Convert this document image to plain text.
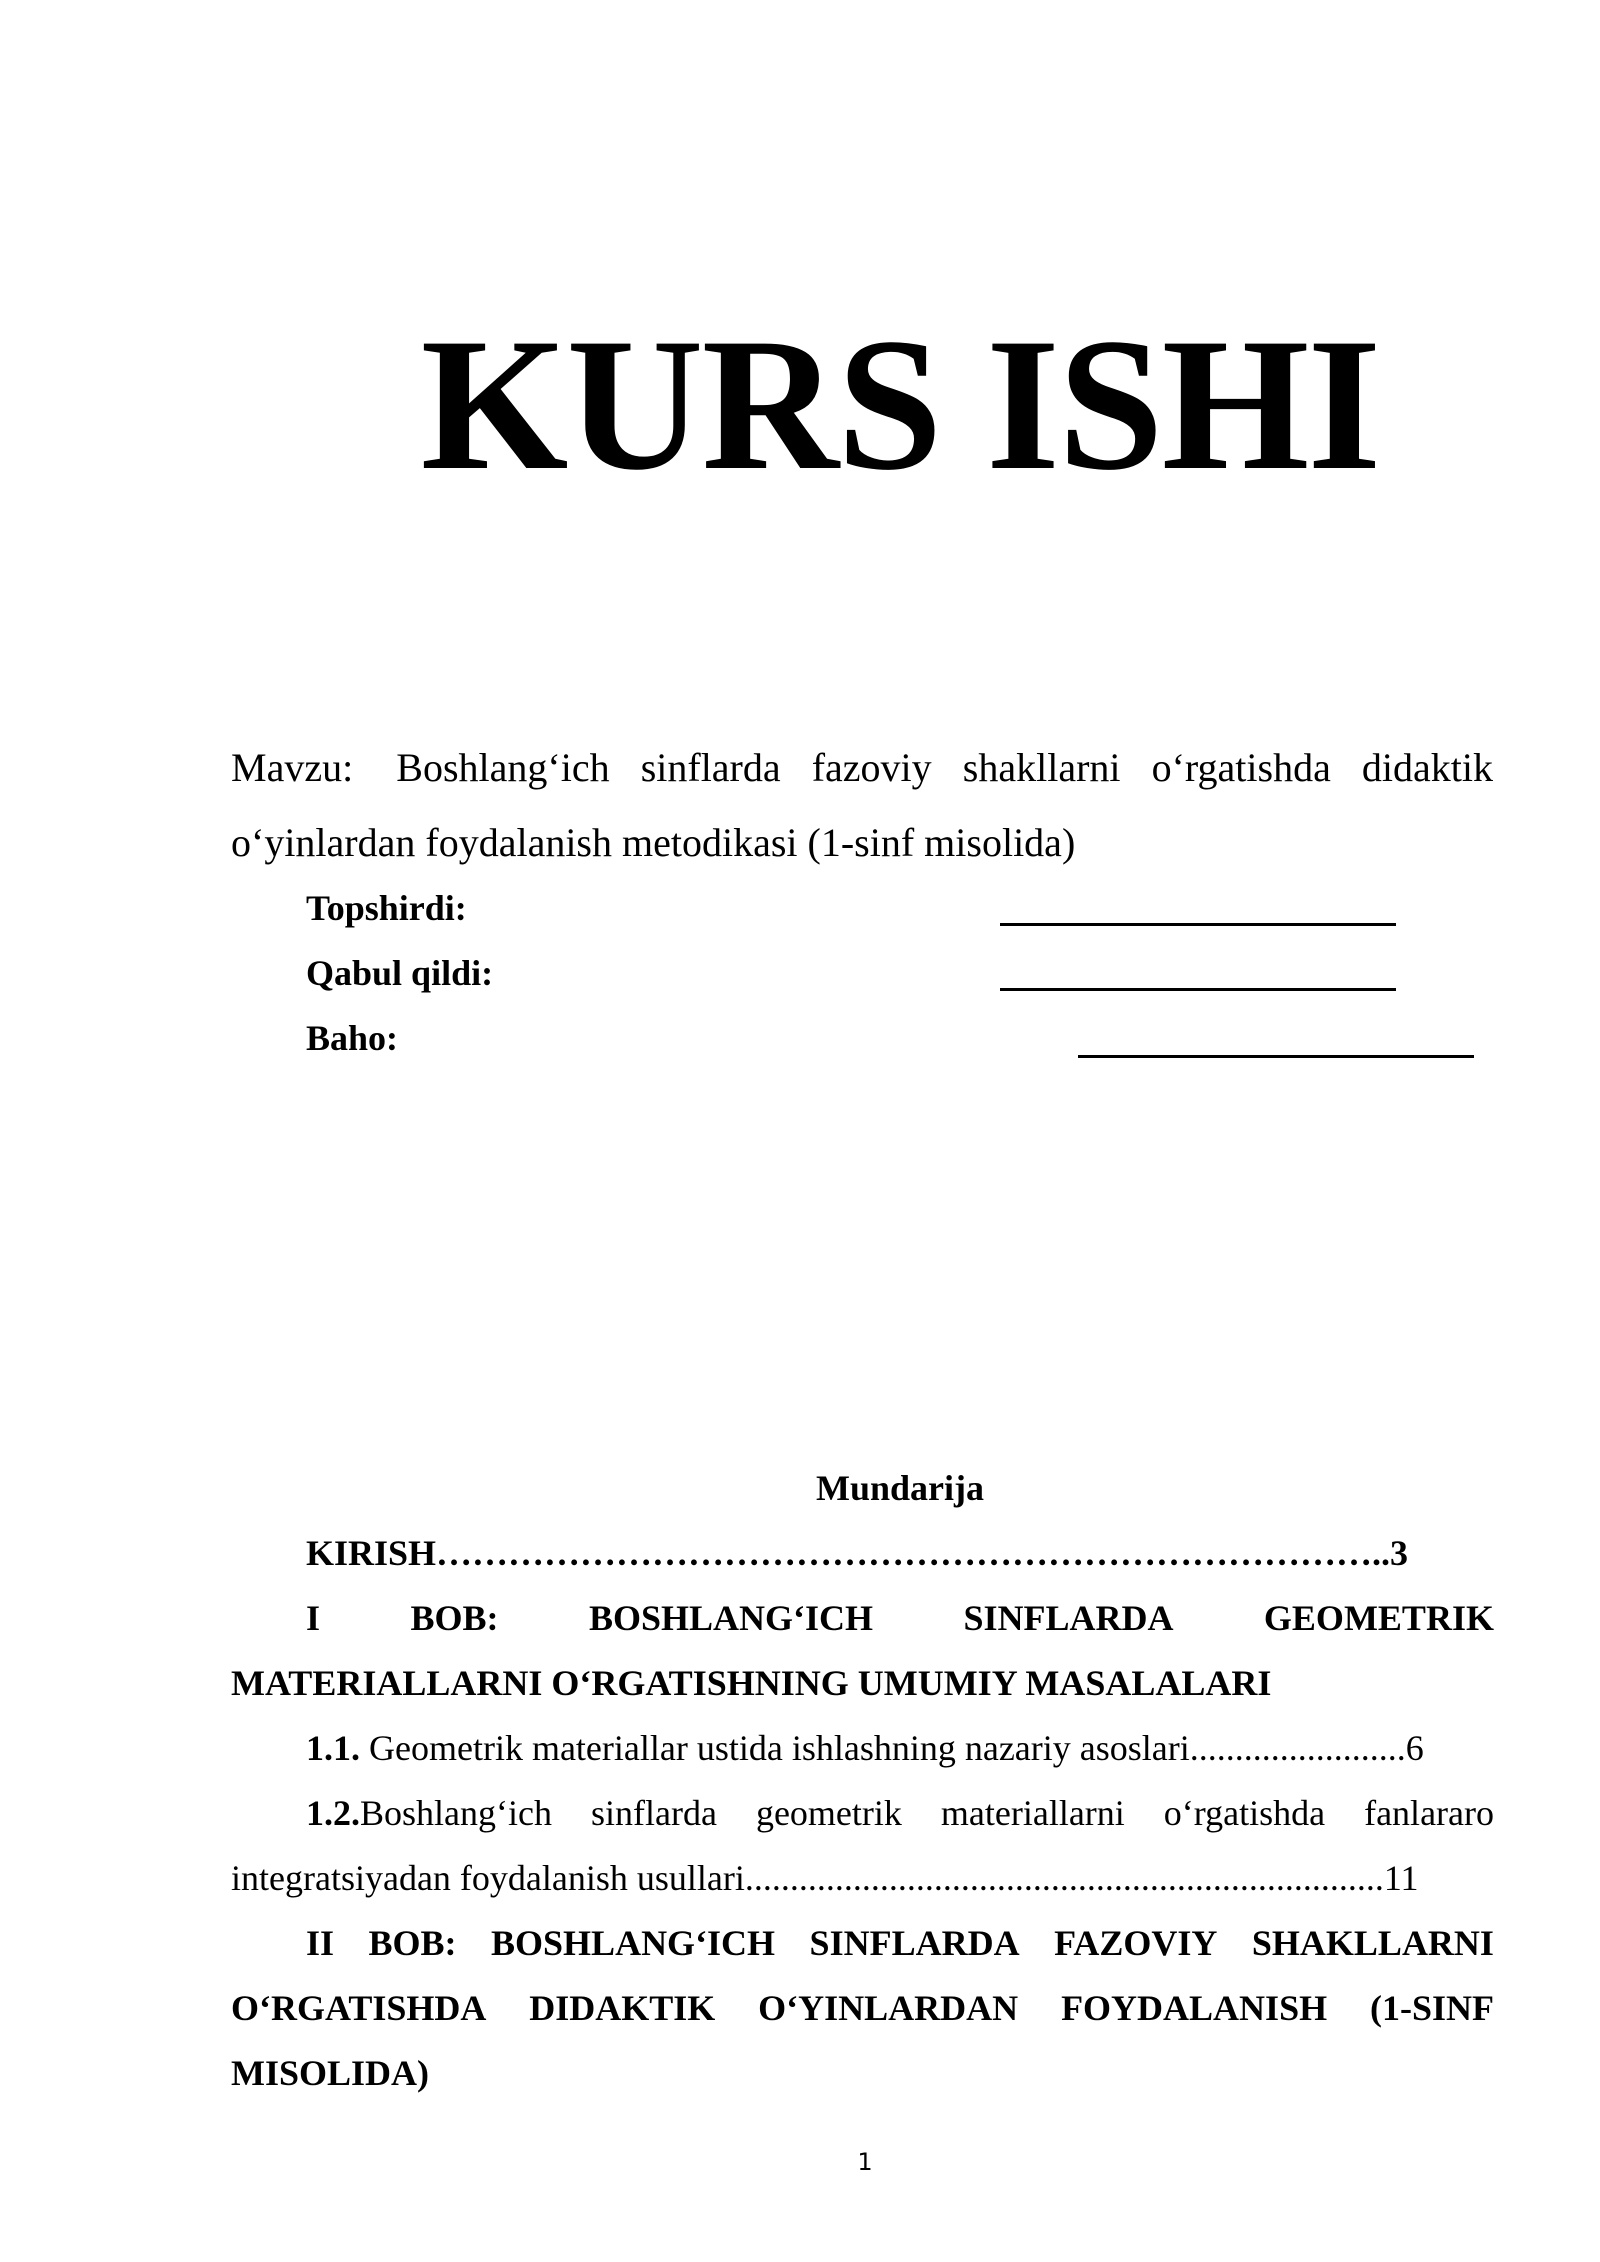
KURS ISHI
Mavzu: Boshlang‘ich sinflarda fazoviy shakllarni o‘rgatishda didaktik o‘yinlardan foydalanish metodikasi (1-sinf misolida)
Topshirdi:
Qabul qildi:
Baho:
Mundarija
KIRISH……………………………………………………………………..3
I	BOB:	BOSHLANG‘ICH	SINFLARDA	GEOMETRIK
MATERIALLARNI O‘RGATISHNING UMUMIY MASALALARI
1.1. Geometrik materiallar ustida ishlashning nazariy asoslari........................6
1.2.Boshlang‘ich sinflarda geometrik materiallarni o‘rgatishda fanlararo
integratsiyadan foydalanish usullari.......................................................................11
II BOB: BOSHLANG‘ICH SINFLARDA FAZOVIY SHAKLLARNI
O‘RGATISHDA DIDAKTIK O‘YINLARDAN FOYDALANISH (1-SINF
MISOLIDA)
1
